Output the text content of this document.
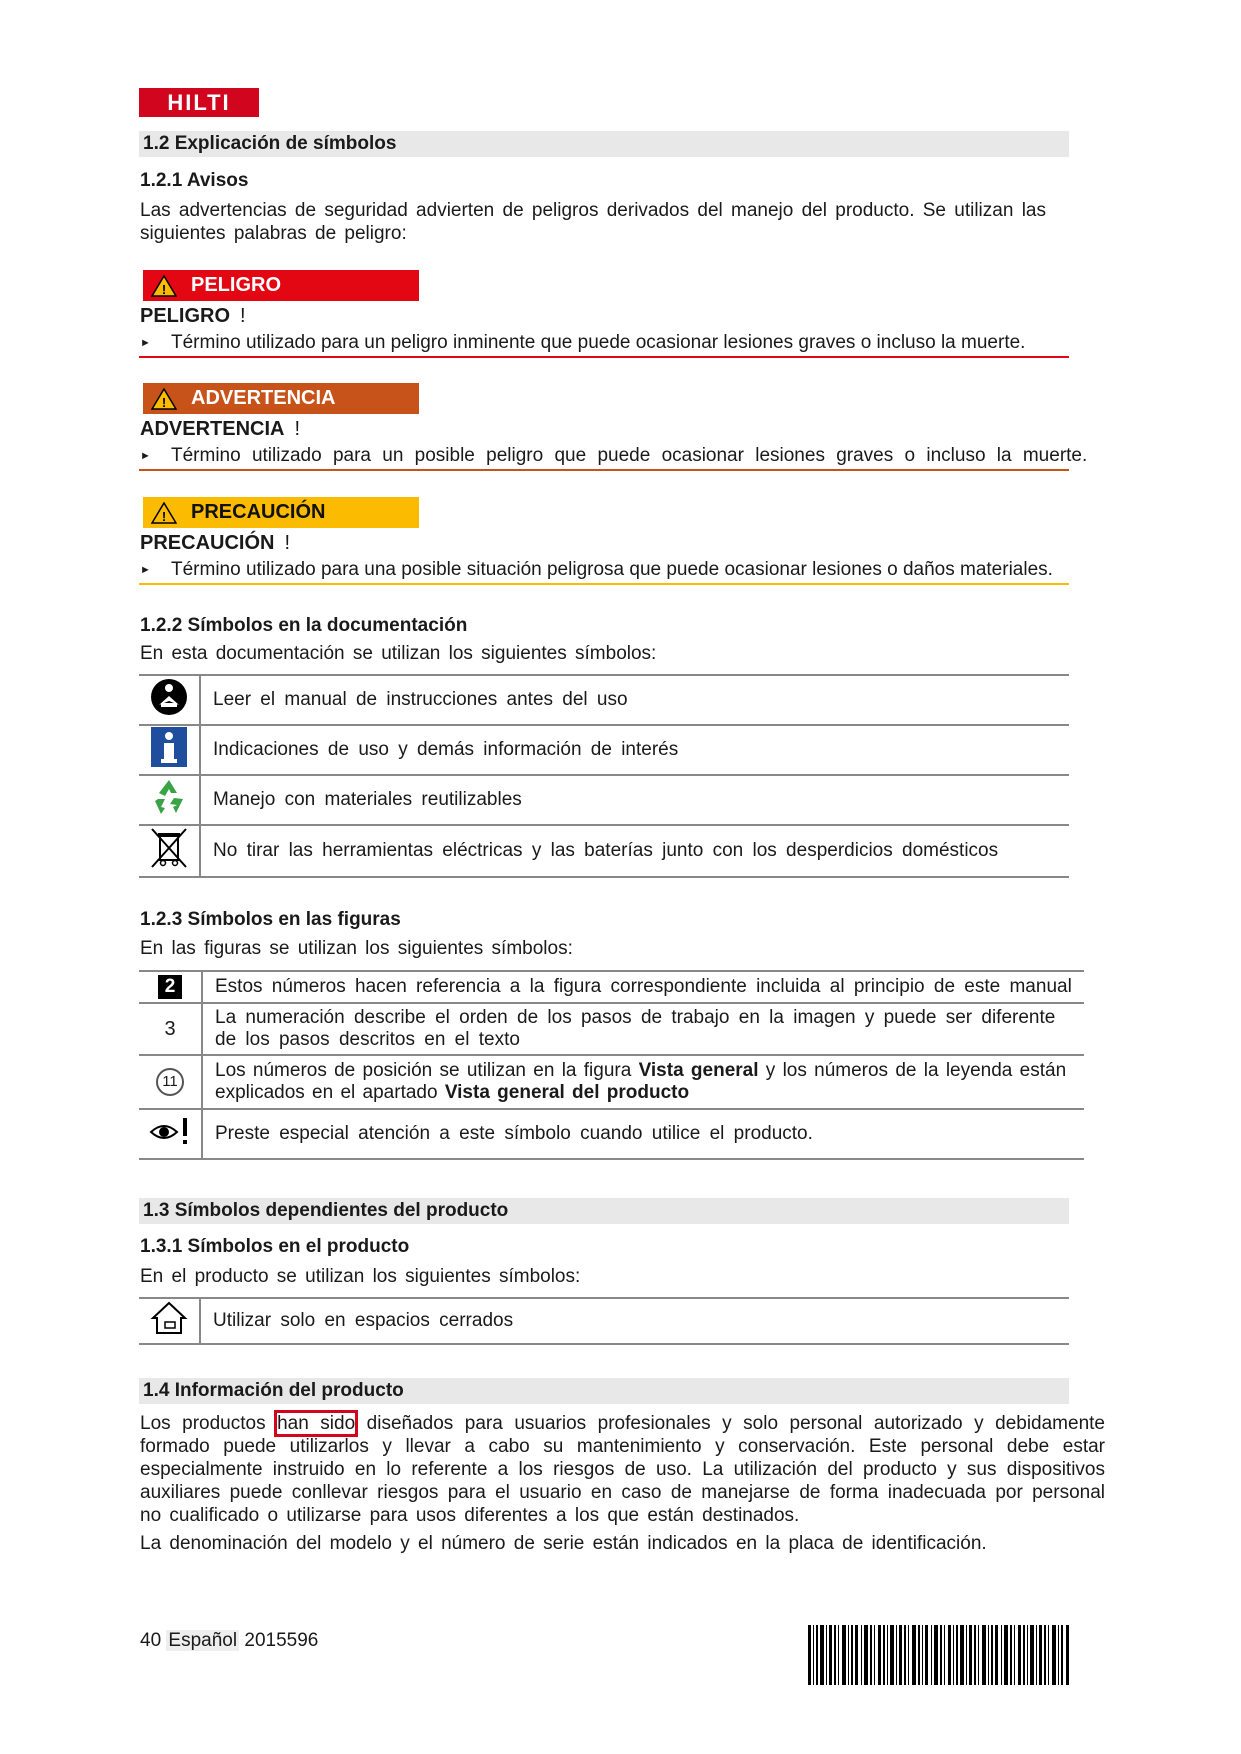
HILTI
1.2 Explicación de símbolos
1.2.1 Avisos
Las advertencias de seguridad advierten de peligros derivados del manejo del producto. Se utilizan las siguientes palabras de peligro:
! PELIGRO
PELIGRO !
► Término utilizado para un peligro inminente que puede ocasionar lesiones graves o incluso la muerte.
! ADVERTENCIA
ADVERTENCIA !
► Término utilizado para un posible peligro que puede ocasionar lesiones graves o incluso la muerte.
! PRECAUCIÓN
PRECAUCIÓN !
► Término utilizado para una posible situación peligrosa que puede ocasionar lesiones o daños materiales.
1.2.2 Símbolos en la documentación
En esta documentación se utilizan los siguientes símbolos:
	Leer el manual de instrucciones antes del uso
	Indicaciones de uso y demás información de interés
	Manejo con materiales reutilizables
	No tirar las herramientas eléctricas y las baterías junto con los desperdicios domésticos
1.2.3 Símbolos en las figuras
En las figuras se utilizan los siguientes símbolos:
2	Estos números hacen referencia a la figura correspondiente incluida al principio de este manual
3	La numeración describe el orden de los pasos de trabajo en la imagen y puede ser diferente de los pasos descritos en el texto
11	Los números de posición se utilizan en la figura Vista general y los números de la leyenda están explicados en el apartado Vista general del producto
	Preste especial atención a este símbolo cuando utilice el producto.
1.3 Símbolos dependientes del producto
1.3.1 Símbolos en el producto
En el producto se utilizan los siguientes símbolos:
	Utilizar solo en espacios cerrados
1.4 Información del producto
Los productos han sido diseñados para usuarios profesionales y solo personal autorizado y debidamente formado puede utilizarlos y llevar a cabo su mantenimiento y conservación. Este personal debe estar especialmente instruido en lo referente a los riesgos de uso. La utilización del producto y sus dispositivos auxiliares puede conllevar riesgos para el usuario en caso de manejarse de forma inadecuada por personal no cualificado o utilizarse para usos diferentes a los que están destinados.
La denominación del modelo y el número de serie están indicados en la placa de identificación.
40 Español 2015596
